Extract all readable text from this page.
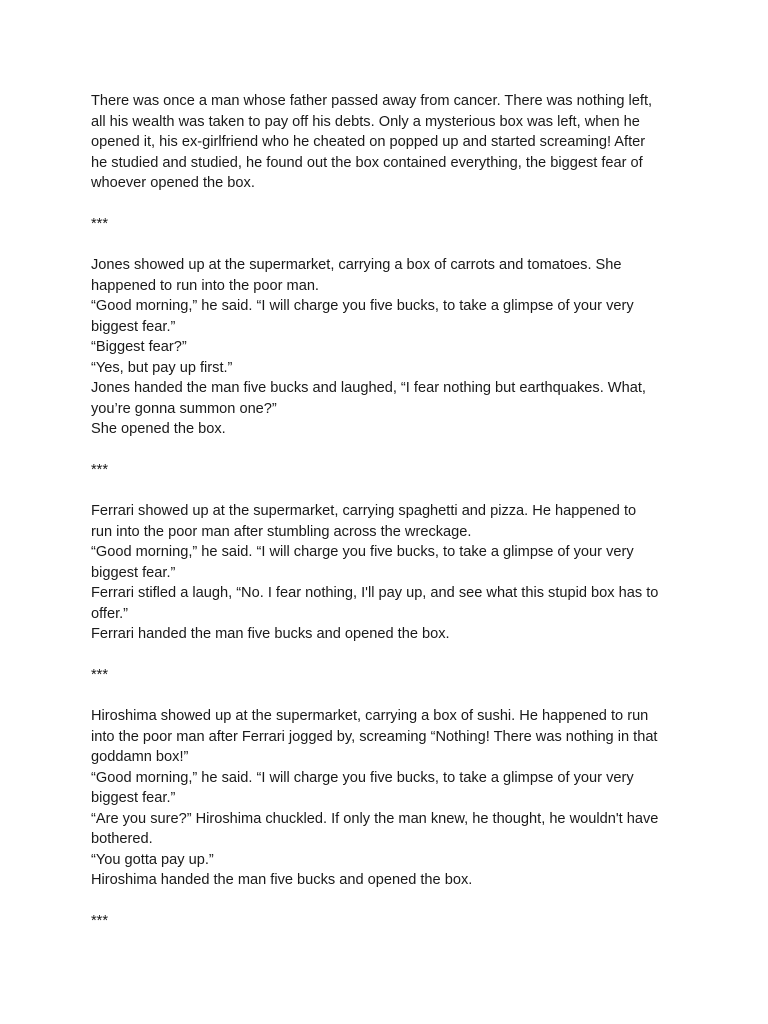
There was once a man whose father passed away from cancer. There was nothing left,
all his wealth was taken to pay off his debts. Only a mysterious box was left, when he
opened it, his ex-girlfriend who he cheated on popped up and started screaming! After
he studied and studied, he found out the box contained everything, the biggest fear of
whoever opened the box.
***
Jones showed up at the supermarket, carrying a box of carrots and tomatoes. She
happened to run into the poor man.
“Good morning,” he said. “I will charge you five bucks, to take a glimpse of your very
biggest fear.”
“Biggest fear?”
“Yes, but pay up first.”
Jones handed the man five bucks and laughed, “I fear nothing but earthquakes. What,
you’re gonna summon one?”
She opened the box.
***
Ferrari showed up at the supermarket, carrying spaghetti and pizza. He happened to
run into the poor man after stumbling across the wreckage.
“Good morning,” he said. “I will charge you five bucks, to take a glimpse of your very
biggest fear.”
Ferrari stifled a laugh, “No. I fear nothing, I'll pay up, and see what this stupid box has to
offer.”
Ferrari handed the man five bucks and opened the box.
***
Hiroshima showed up at the supermarket, carrying a box of sushi. He happened to run
into the poor man after Ferrari jogged by, screaming “Nothing! There was nothing in that
goddamn box!”
“Good morning,” he said. “I will charge you five bucks, to take a glimpse of your very
biggest fear.”
“Are you sure?” Hiroshima chuckled. If only the man knew, he thought, he wouldn't have
bothered.
“You gotta pay up.”
Hiroshima handed the man five bucks and opened the box.
***
